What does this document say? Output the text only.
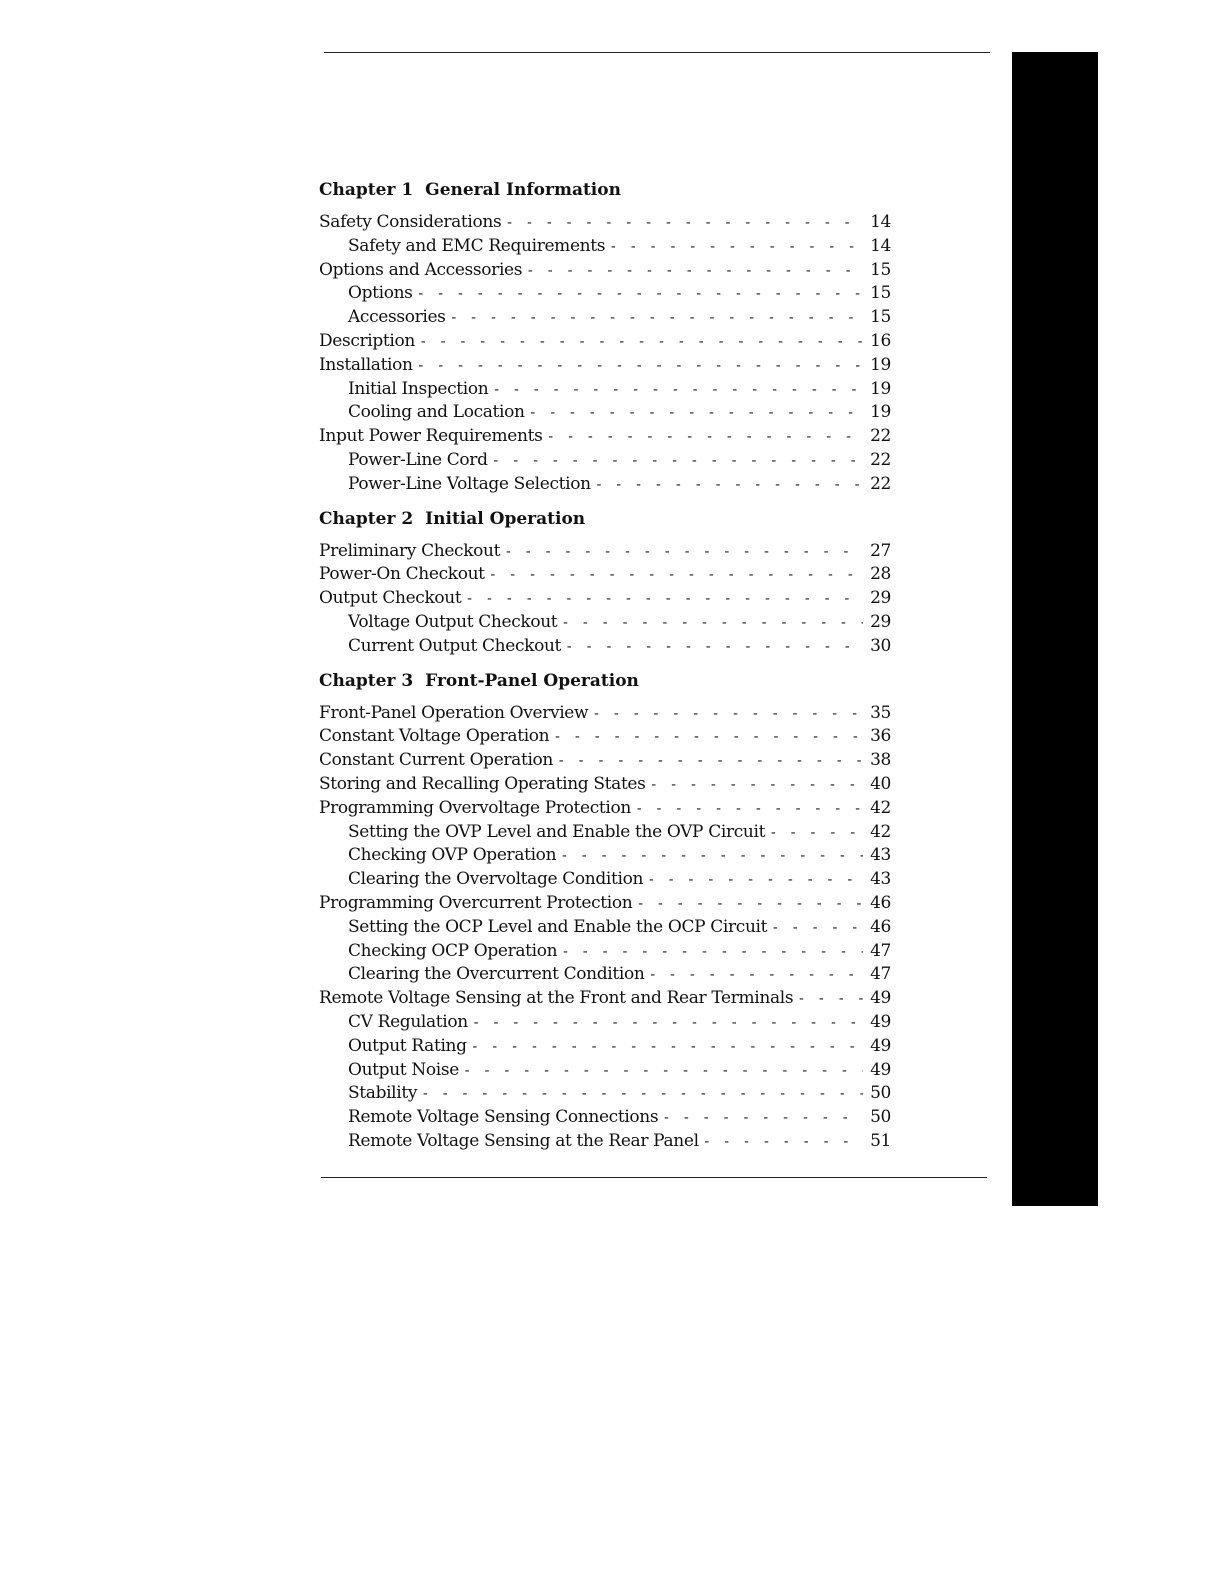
Chapter 1 General Information
Safety Considerations - - -	14
Safety and EMC Requirements - - -	14
Options and Accessories - - -	15
Options - - -	15
Accessories - - -	15
Description - - -	16
Installation - - -	19
Initial Inspection - - -	19
Cooling and Location - - -	19
Input Power Requirements - - -	22
Power-Line Cord - - -	22
Power-Line Voltage Selection - - -	22
Chapter 2 Initial Operation
Preliminary Checkout - - -	27
Power-On Checkout - - -	28
Output Checkout - - -	29
Voltage Output Checkout - - -	29
Current Output Checkout - - -	30
Chapter 3 Front-Panel Operation
Front-Panel Operation Overview - - -	35
Constant Voltage Operation - - -	36
Constant Current Operation - - -	38
Storing and Recalling Operating States - - -	40
Programming Overvoltage Protection - - -	42
Setting the OVP Level and Enable the OVP Circuit - - -	42
Checking OVP Operation - - -	43
Clearing the Overvoltage Condition - - -	43
Programming Overcurrent Protection - - -	46
Setting the OCP Level and Enable the OCP Circuit - - -	46
Checking OCP Operation - - -	47
Clearing the Overcurrent Condition - - -	47
Remote Voltage Sensing at the Front and Rear Terminals - - -	49
CV Regulation - - -	49
Output Rating - - -	49
Output Noise - - -	49
Stability - - -	50
Remote Voltage Sensing Connections - - -	50
Remote Voltage Sensing at the Rear Panel - - -	51
